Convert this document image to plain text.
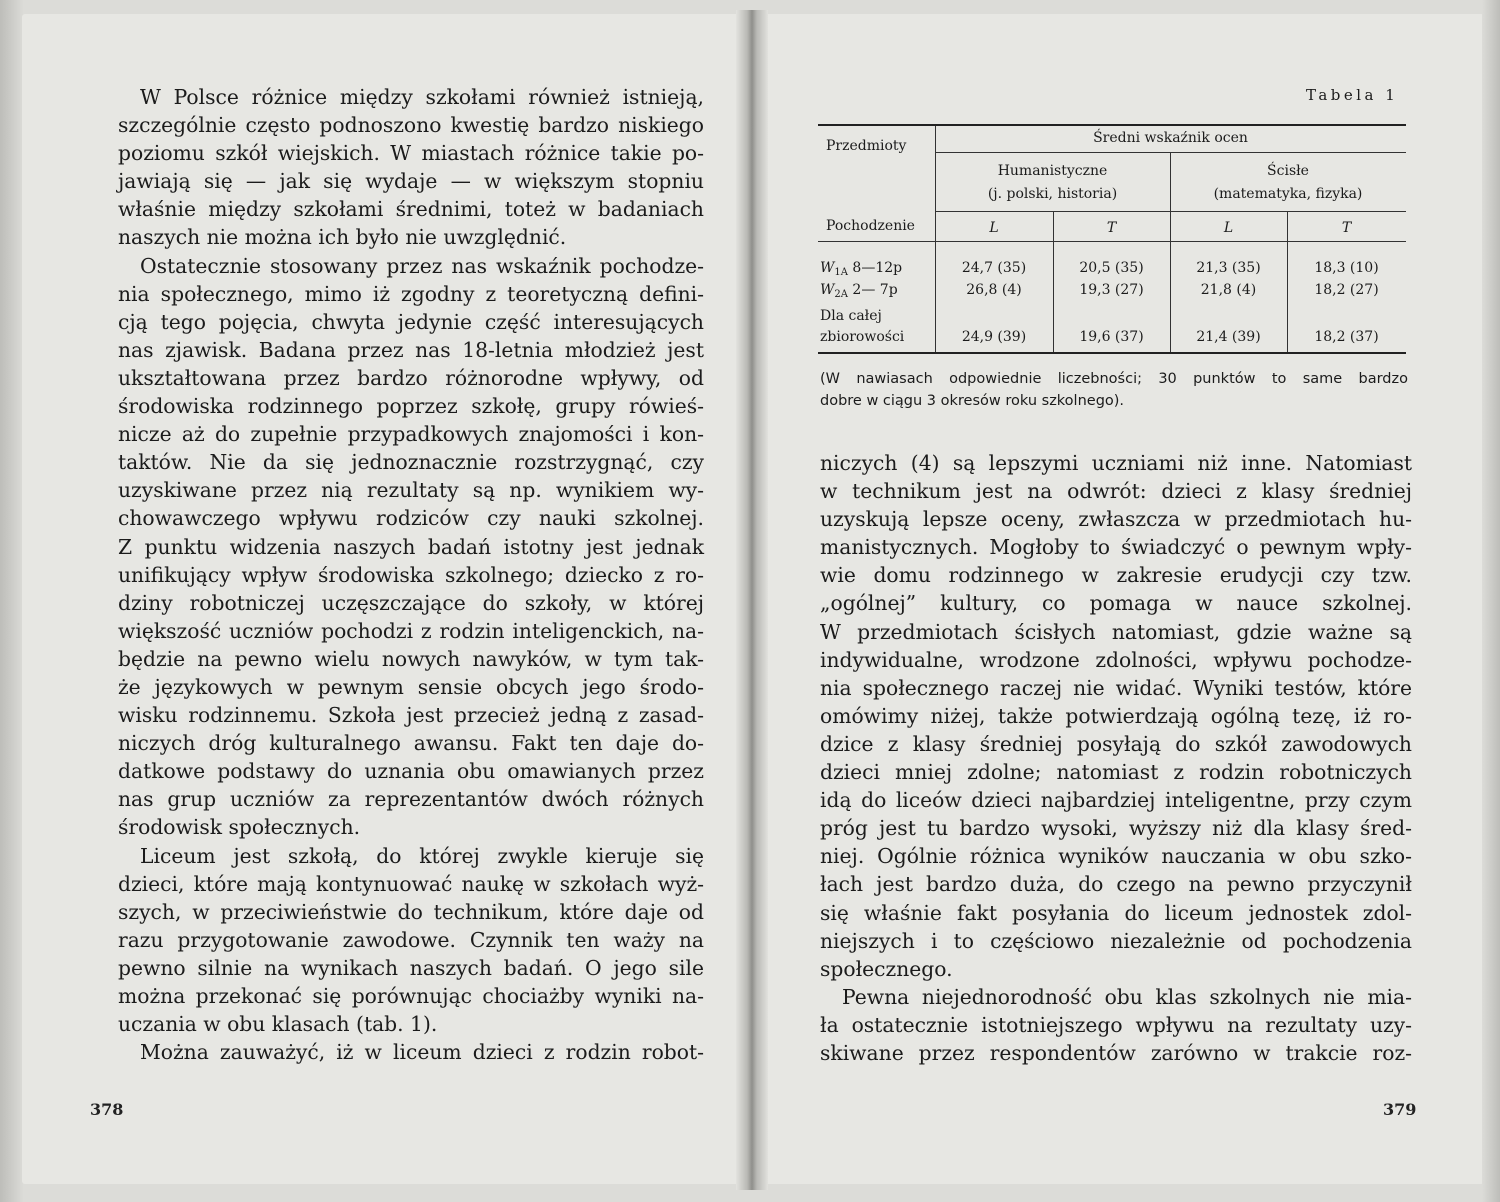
W Polsce różnice między szkołami również istnieją,
szczególnie często podnoszono kwestię bardzo niskiego
poziomu szkół wiejskich. W miastach różnice takie po-
jawiają się — jak się wydaje — w większym stopniu
właśnie między szkołami średnimi, toteż w badaniach
naszych nie można ich było nie uwzględnić.
Ostatecznie stosowany przez nas wskaźnik pochodze-
nia społecznego, mimo iż zgodny z teoretyczną defini-
cją tego pojęcia, chwyta jedynie część interesujących
nas zjawisk. Badana przez nas 18-letnia młodzież jest
ukształtowana przez bardzo różnorodne wpływy, od
środowiska rodzinnego poprzez szkołę, grupy rówieś-
nicze aż do zupełnie przypadkowych znajomości i kon-
taktów. Nie da się jednoznacznie rozstrzygnąć, czy
uzyskiwane przez nią rezultaty są np. wynikiem wy-
chowawczego wpływu rodziców czy nauki szkolnej.
Z punktu widzenia naszych badań istotny jest jednak
unifikujący wpływ środowiska szkolnego; dziecko z ro-
dziny robotniczej uczęszczające do szkoły, w której
większość uczniów pochodzi z rodzin inteligenckich, na-
będzie na pewno wielu nowych nawyków, w tym tak-
że językowych w pewnym sensie obcych jego środo-
wisku rodzinnemu. Szkoła jest przecież jedną z zasad-
niczych dróg kulturalnego awansu. Fakt ten daje do-
datkowe podstawy do uznania obu omawianych przez
nas grup uczniów za reprezentantów dwóch różnych
środowisk społecznych.
Liceum jest szkołą, do której zwykle kieruje się
dzieci, które mają kontynuować naukę w szkołach wyż-
szych, w przeciwieństwie do technikum, które daje od
razu przygotowanie zawodowe. Czynnik ten waży na
pewno silnie na wynikach naszych badań. O jego sile
można przekonać się porównując chociażby wyniki na-
uczania w obu klasach (tab. 1).
Można zauważyć, iż w liceum dzieci z rodzin robot-
378
Tabela 1
Przedmioty
Pochodzenie
Średni wskaźnik ocen
Humanistyczne
(j. polski, historia)
Ścisłe
(matematyka, fizyka)
L	T	L	T
$W_{1A}$ 8—12p	24,7 (35)	20,5 (35)	21,3 (35)	18,3 (10)
$W_{2A}$ 2— 7p	26,8 (4)	19,3 (27)	21,8 (4)	18,2 (27)
Dla całej
zbiorowości	24,9 (39)	19,6 (37)	21,4 (39)	18,2 (37)
(W nawiasach odpowiednie liczebności; 30 punktów to same bardzo
dobre w ciągu 3 okresów roku szkolnego).
niczych (4) są lepszymi uczniami niż inne. Natomiast
w technikum jest na odwrót: dzieci z klasy średniej
uzyskują lepsze oceny, zwłaszcza w przedmiotach hu-
manistycznych. Mogłoby to świadczyć o pewnym wpły-
wie domu rodzinnego w zakresie erudycji czy tzw.
„ogólnej” kultury, co pomaga w nauce szkolnej.
W przedmiotach ścisłych natomiast, gdzie ważne są
indywidualne, wrodzone zdolności, wpływu pochodze-
nia społecznego raczej nie widać. Wyniki testów, które
omówimy niżej, także potwierdzają ogólną tezę, iż ro-
dzice z klasy średniej posyłają do szkół zawodowych
dzieci mniej zdolne; natomiast z rodzin robotniczych
idą do liceów dzieci najbardziej inteligentne, przy czym
próg jest tu bardzo wysoki, wyższy niż dla klasy śred-
niej. Ogólnie różnica wyników nauczania w obu szko-
łach jest bardzo duża, do czego na pewno przyczynił
się właśnie fakt posyłania do liceum jednostek zdol-
niejszych i to częściowo niezależnie od pochodzenia
społecznego.
Pewna niejednorodność obu klas szkolnych nie mia-
ła ostatecznie istotniejszego wpływu na rezultaty uzy-
skiwane przez respondentów zarówno w trakcie roz-
379
